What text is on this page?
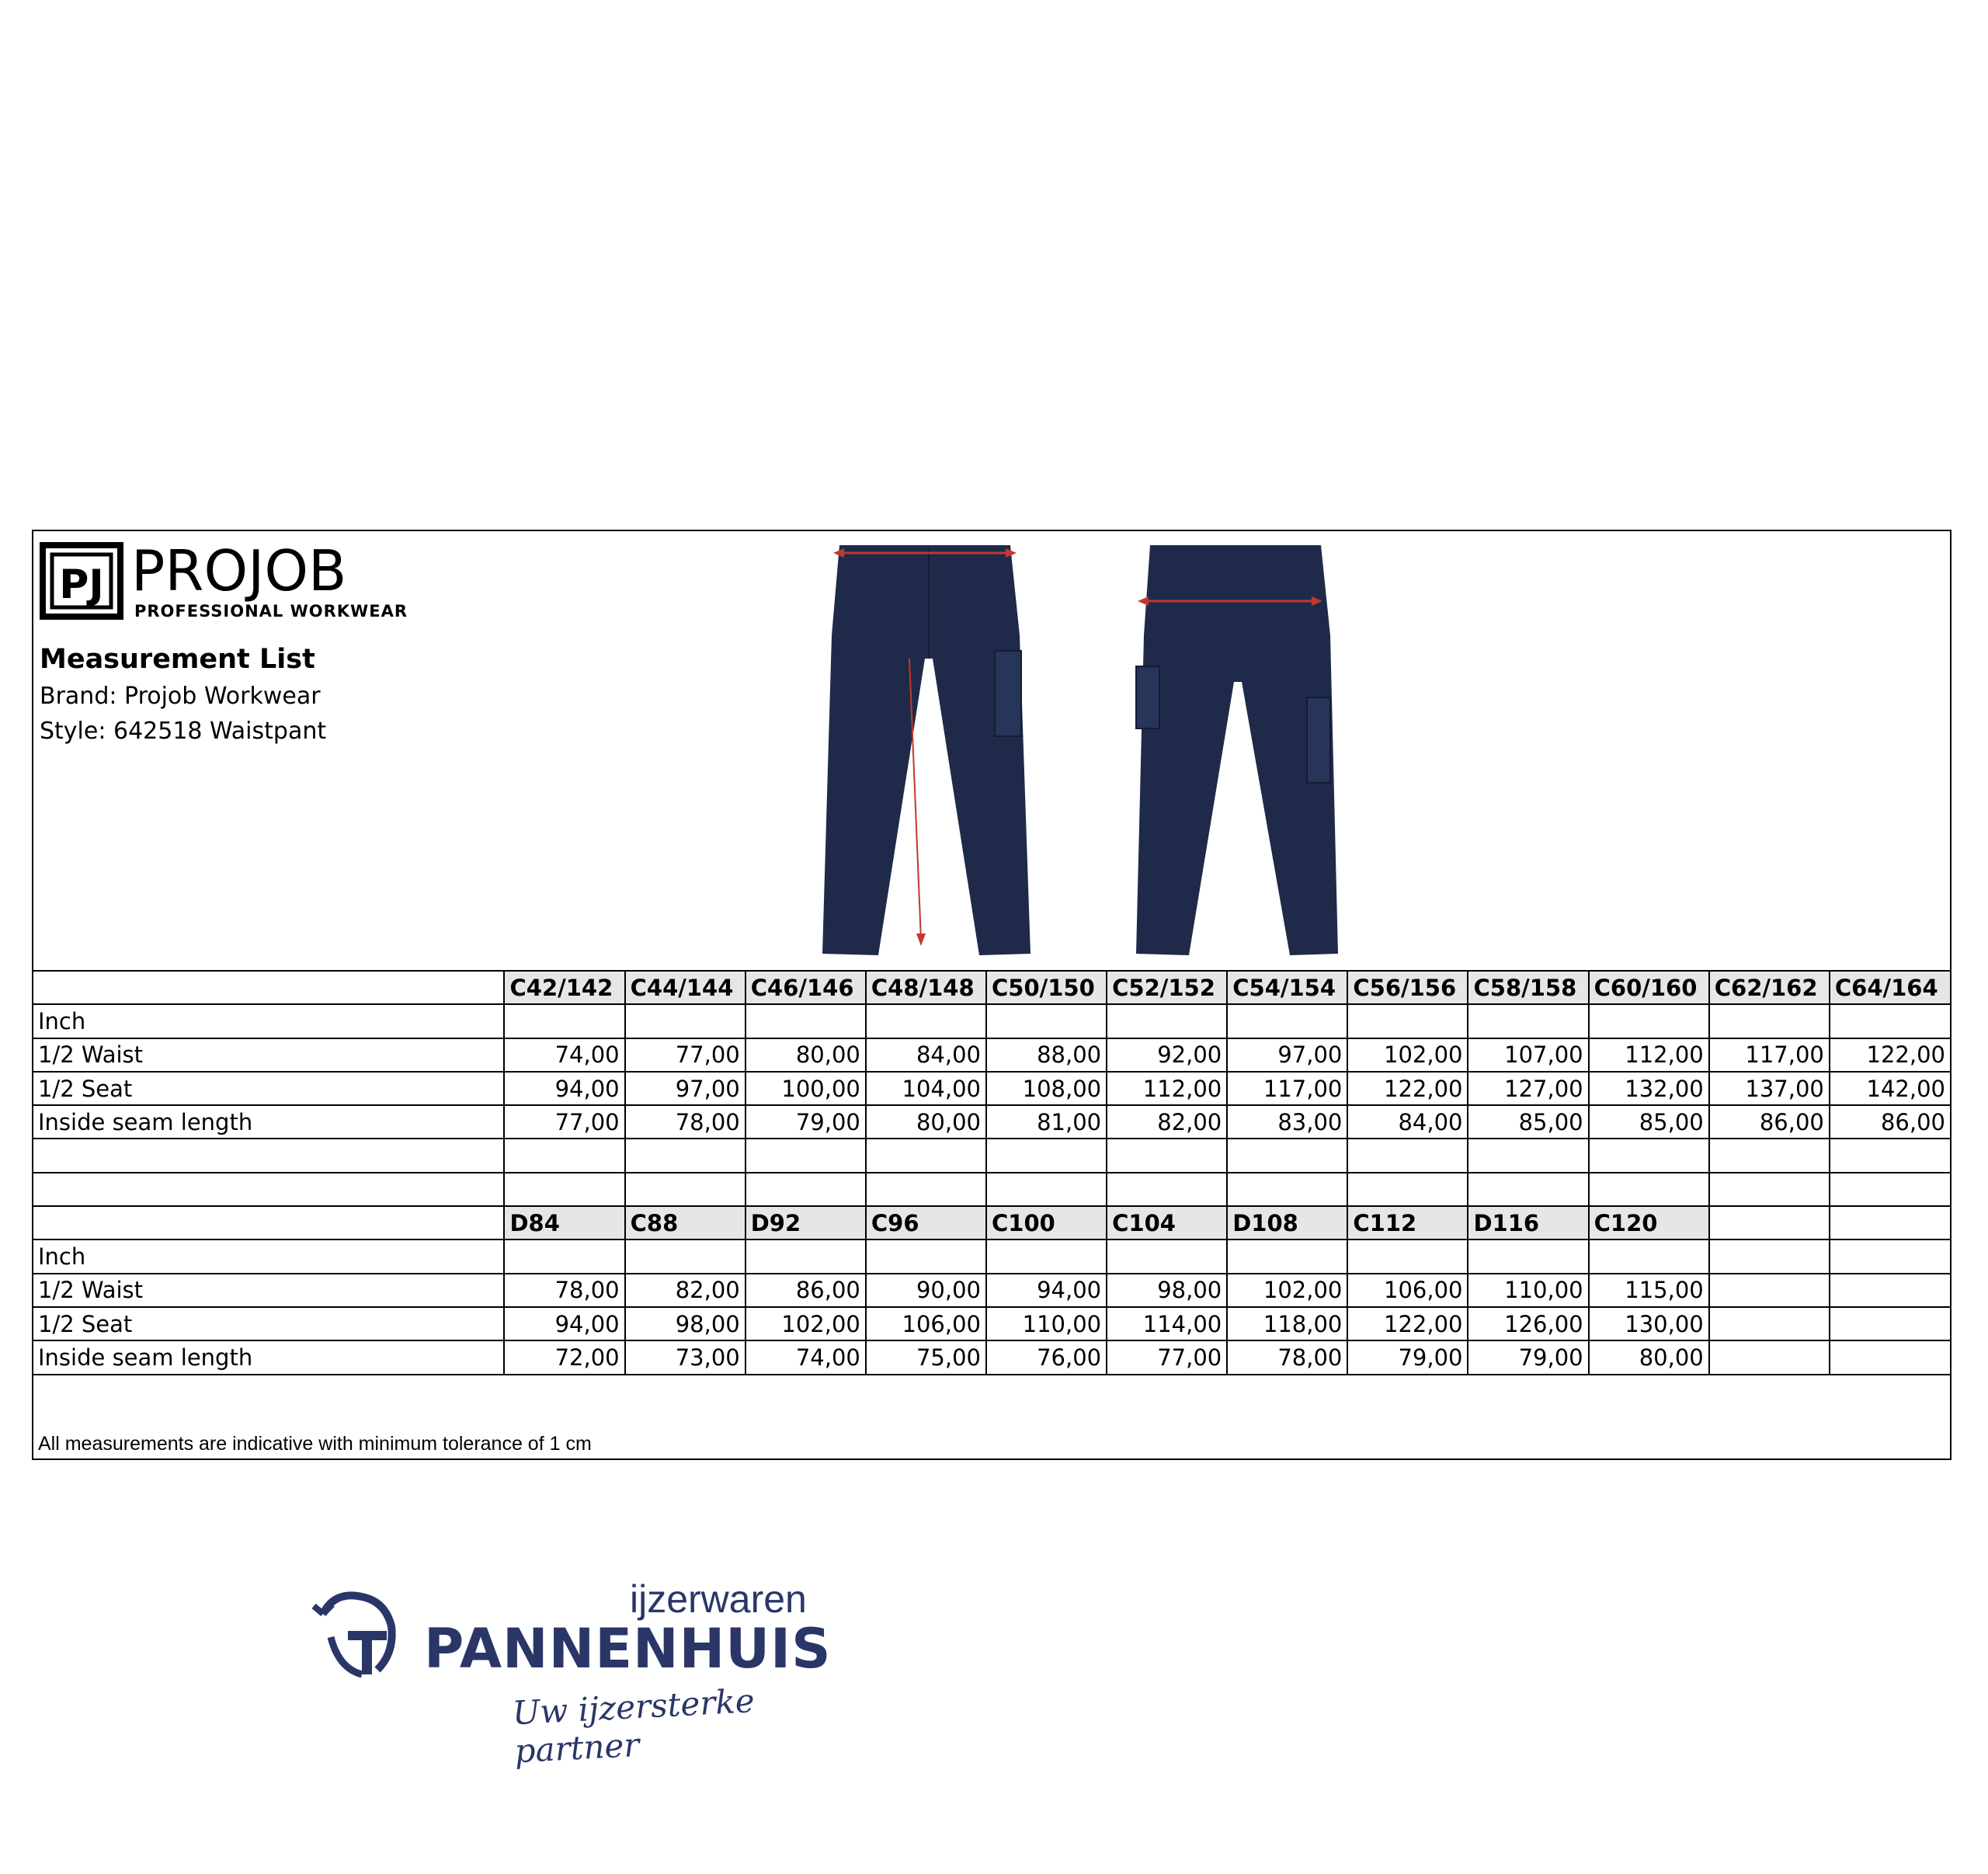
PJ PROJOB
PROFESSIONAL WORKWEAR
Measurement List
Brand: Projob Workwear
Style: 642518 Waistpant
	C42/142	C44/144	C46/146	C48/148	C50/150	C52/152	C54/154	C56/156	C58/158	C60/160	C62/162	C64/164
Inch												
1/2 Waist	74,00	77,00	80,00	84,00	88,00	92,00	97,00	102,00	107,00	112,00	117,00	122,00
1/2 Seat	94,00	97,00	100,00	104,00	108,00	112,00	117,00	122,00	127,00	132,00	137,00	142,00
Inside seam length	77,00	78,00	79,00	80,00	81,00	82,00	83,00	84,00	85,00	85,00	86,00	86,00

	D84	C88	D92	C96	C100	C104	D108	C112	D116	C120		
Inch												
1/2 Waist	78,00	82,00	86,00	90,00	94,00	98,00	102,00	106,00	110,00	115,00		
1/2 Seat	94,00	98,00	102,00	106,00	110,00	114,00	118,00	122,00	126,00	130,00		
Inside seam length	72,00	73,00	74,00	75,00	76,00	77,00	78,00	79,00	79,00	80,00		
All measurements are indicative with minimum tolerance of 1 cm
ijzerwaren
PANNENHUIS
Uw ijzersterke partner
